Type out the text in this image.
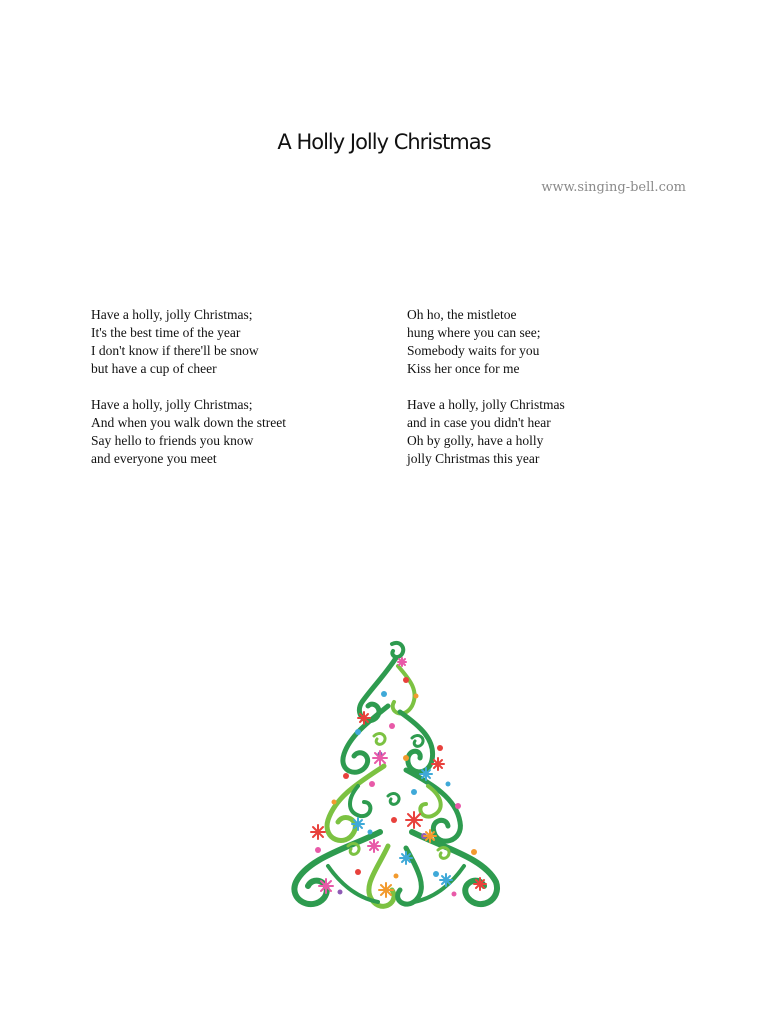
A Holly Jolly Christmas
www.singing-bell.com
Have a holly, jolly Christmas;
It's the best time of the year
I don't know if there'll be snow
but have a cup of cheer
Have a holly, jolly Christmas;
And when you walk down the street
Say hello to friends you know
and everyone you meet
Oh ho, the mistletoe
hung where you can see;
Somebody waits for you
Kiss her once for me
Have a holly, jolly Christmas
and in case you didn't hear
Oh by golly, have a holly
jolly Christmas this year
